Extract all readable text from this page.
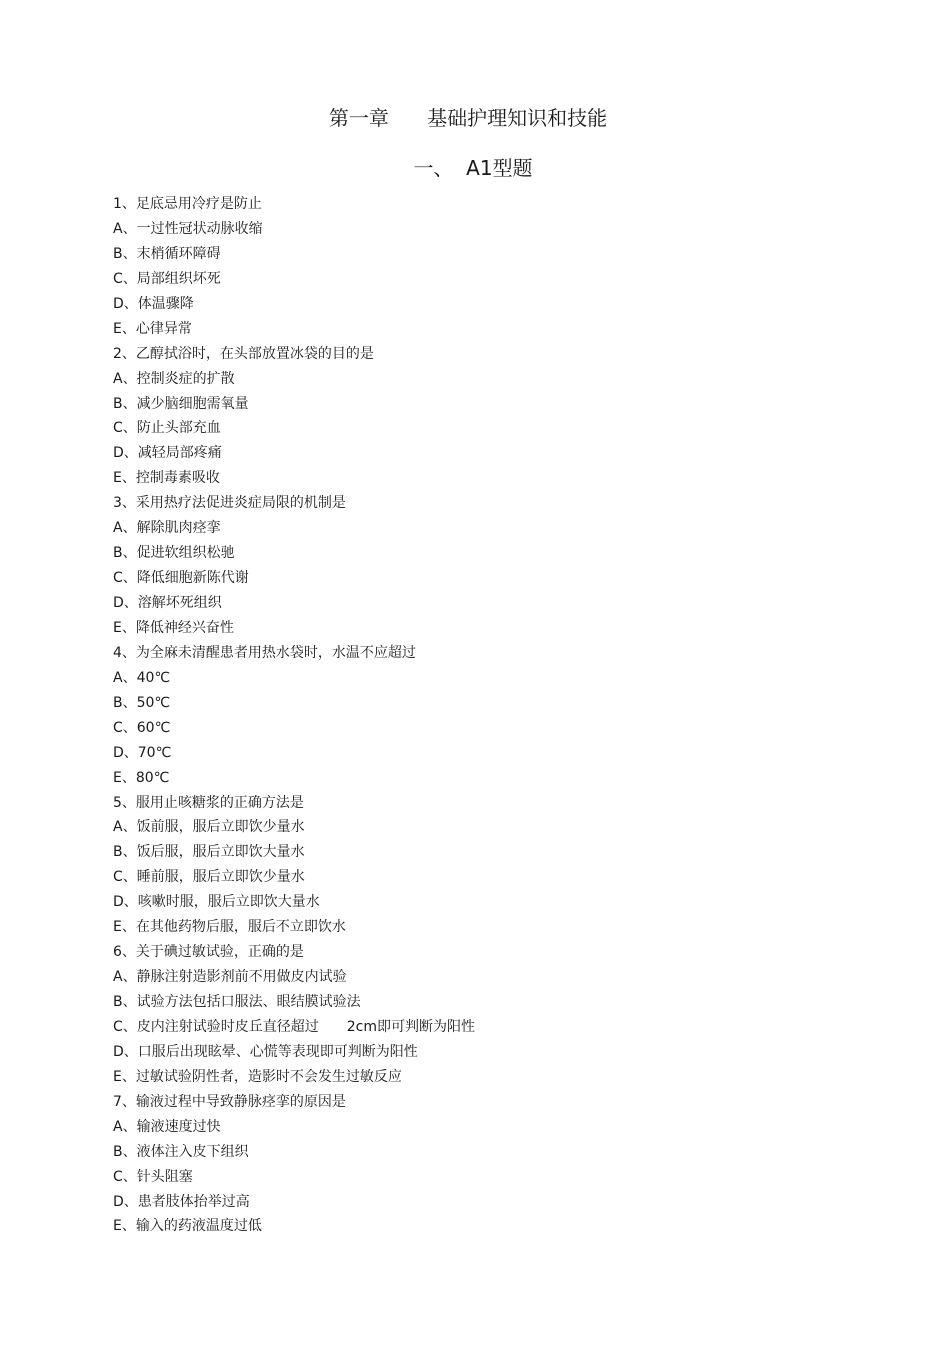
第一章 基础护理知识和技能
一、 A1型题
1、足底忌用冷疗是防止
A、一过性冠状动脉收缩
B、末梢循环障碍
C、局部组织坏死
D、体温骤降
E、心律异常
2、乙醇拭浴时，在头部放置冰袋的目的是
A、控制炎症的扩散
B、减少脑细胞需氧量
C、防止头部充血
D、减轻局部疼痛
E、控制毒素吸收
3、采用热疗法促进炎症局限的机制是
A、解除肌肉痉挛
B、促进软组织松驰
C、降低细胞新陈代谢
D、溶解坏死组织
E、降低神经兴奋性
4、为全麻未清醒患者用热水袋时，水温不应超过
A、40℃
B、50℃
C、60℃
D、70℃
E、80℃
5、服用止咳糖浆的正确方法是
A、饭前服，服后立即饮少量水
B、饭后服，服后立即饮大量水
C、睡前服，服后立即饮少量水
D、咳嗽时服，服后立即饮大量水
E、在其他药物后服，服后不立即饮水
6、关于碘过敏试验，正确的是
A、静脉注射造影剂前不用做皮内试验
B、试验方法包括口服法、眼结膜试验法
C、皮内注射试验时皮丘直径超过　　2cm即可判断为阳性
D、口服后出现眩晕、心慌等表现即可判断为阳性
E、过敏试验阴性者，造影时不会发生过敏反应
7、输液过程中导致静脉痉挛的原因是
A、输液速度过快
B、液体注入皮下组织
C、针头阻塞
D、患者肢体抬举过高
E、输入的药液温度过低
